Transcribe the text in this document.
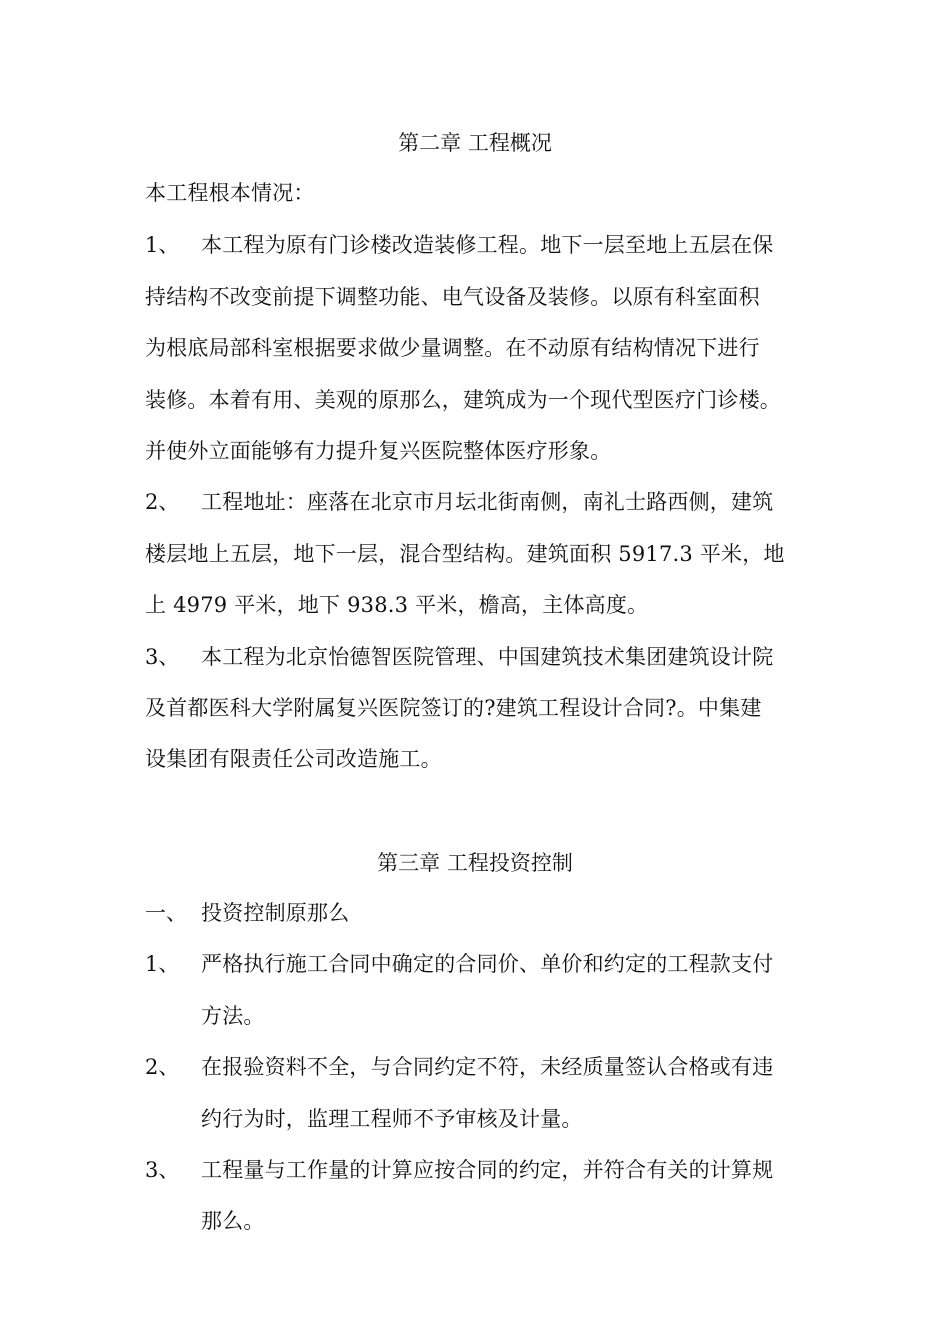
第二章 工程概况
本工程根本情况：
1、 本工程为原有门诊楼改造装修工程。地下一层至地上五层在保
持结构不改变前提下调整功能、电气设备及装修。以原有科室面积
为根底局部科室根据要求做少量调整。在不动原有结构情况下进行
装修。本着有用、美观的原那么，建筑成为一个现代型医疗门诊楼。
并使外立面能够有力提升复兴医院整体医疗形象。
2、 工程地址：座落在北京市月坛北街南侧，南礼士路西侧，建筑
楼层地上五层，地下一层，混合型结构。建筑面积 5917.3 平米，地
上 4979 平米，地下 938.3 平米，檐高，主体高度。
3、 本工程为北京怡德智医院管理、中国建筑技术集团建筑设计院
及首都医科大学附属复兴医院签订的?建筑工程设计合同?。中集建
设集团有限责任公司改造施工。
第三章 工程投资控制
一、 投资控制原那么
1、 严格执行施工合同中确定的合同价、单价和约定的工程款支付
方法。
2、 在报验资料不全，与合同约定不符，未经质量签认合格或有违
约行为时，监理工程师不予审核及计量。
3、 工程量与工作量的计算应按合同的约定，并符合有关的计算规
那么。
